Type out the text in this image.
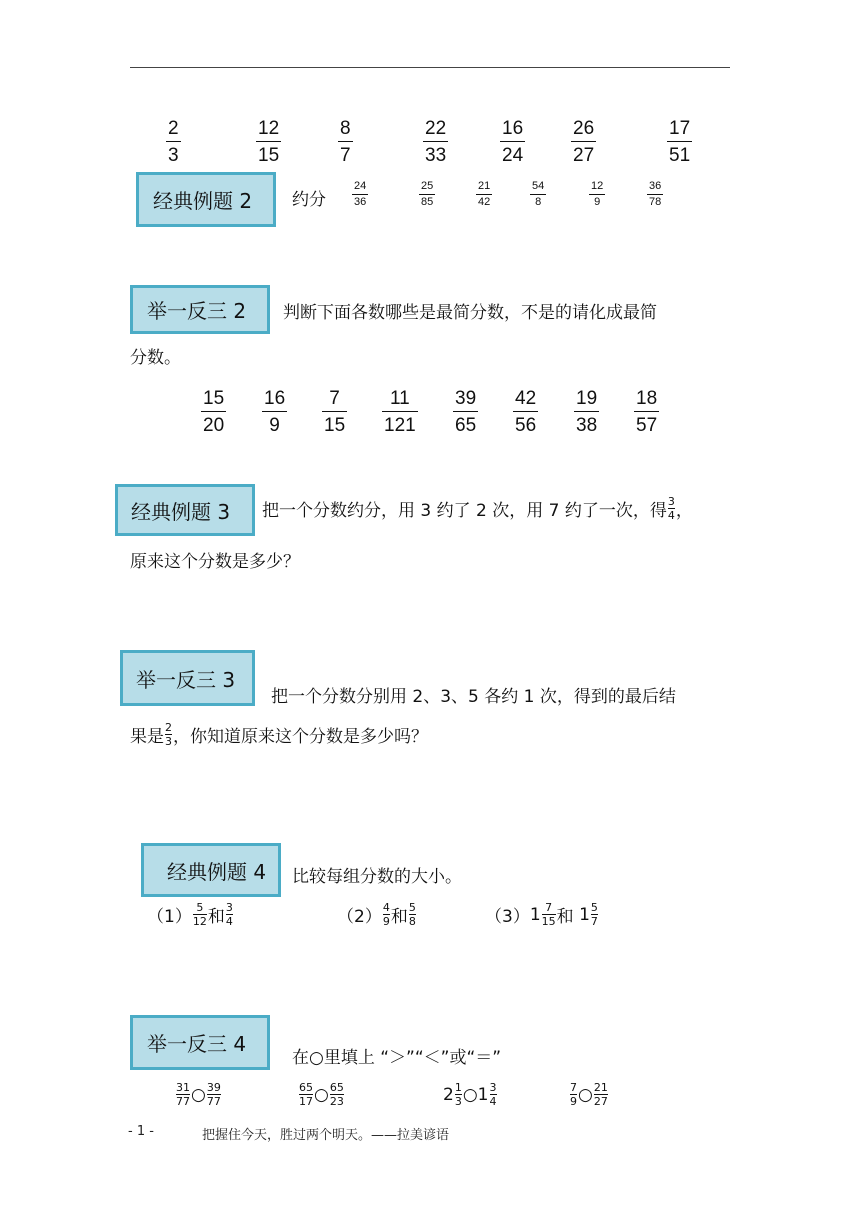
2
3
12
15
8
7
22
33
16
24
26
27
17
51
经典例题 2 约分
24
36
25
85
21
42
54
8
12
9
36
78
举一反三 2 判断下面各数哪些是最简分数，不是的请化成最简
分数。
15
20
16
9
7
15
11
121
39
65
42
56
19
38
18
57
经典例题 3 把一个分数约分，用 3 约了 2 次，用 7 约了一次，得 $\frac{3}{4}$ ，
原来这个分数是多少？
举一反三 3
把一个分数分别用 2、3、5 各约 1 次，得到的最后结
果是 $\frac{2}{3}$ ，你知道原来这个分数是多少吗？
经典例题 4 比较每组分数的大小。
$(1) \frac{5}{12}$ 和 $\frac{3}{4}$	$(2) \frac{4}{9}$ 和 $\frac{5}{8}$	（3） $1 \frac{7}{15}$ 和 $1 \frac{5}{7}$
举一反三 4
在○里填上 “＞”“＜”或“＝”
$\frac{31}{77}$ ○ $\frac{39}{77}$	$\frac{65}{17}$ ○ $\frac{65}{23}$	$2 \frac{1}{3}$ ○ $1 \frac{3}{4}$	$\frac{7}{9}$ ○ $\frac{21}{27}$
- 1 -	把握住今天，胜过两个明天。——拉美谚语
